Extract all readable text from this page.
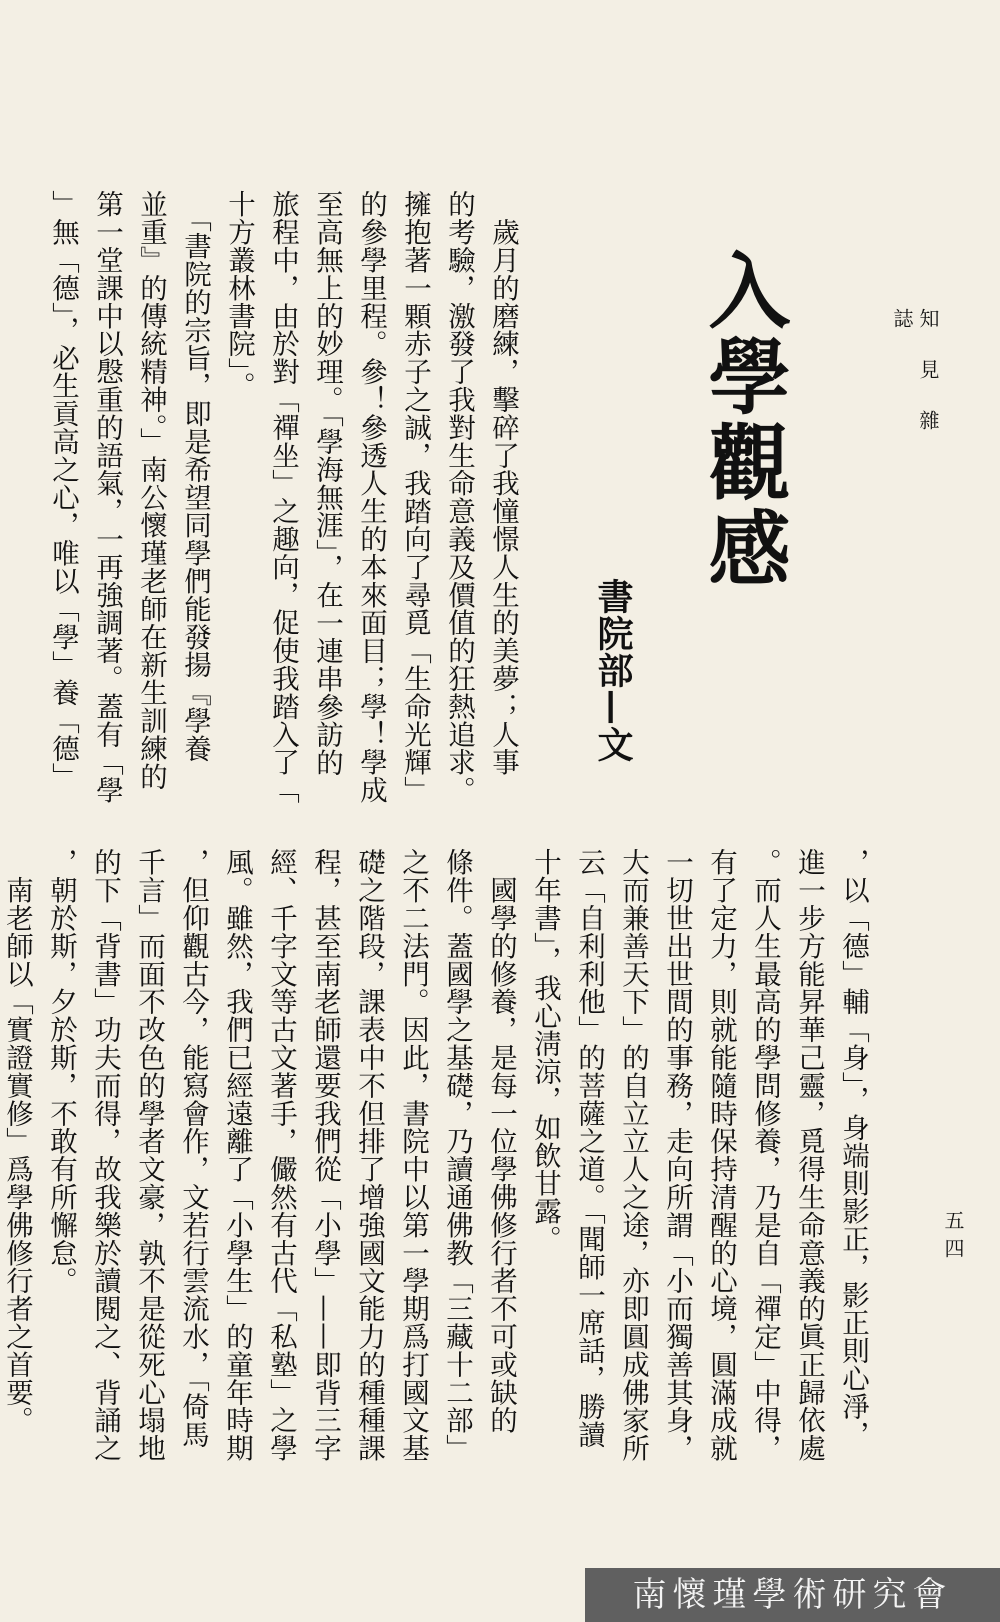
知見雜誌
入學觀感
書院部—文
　歲月的磨練，擊碎了我憧憬人生的美夢；人事
的考驗，激發了我對生命意義及價值的狂熱追求。
擁抱著一顆赤子之誠，我踏向了尋覓「生命光輝」
的參學里程。參！參透人生的本來面目；學！學成
至高無上的妙理。「學海無涯」，在一連串參訪的
旅程中，由於對「禪坐」之趣向，促使我踏入了「
十方叢林書院」。
　「書院的宗旨，即是希望同學們能發揚『學養
並重』的傳統精神。」南公懷瑾老師在新生訓練的
第一堂課中以慇重的語氣，一再強調著。蓋有「學
」無「德」，必生貢高之心，唯以「學」養「德」
，以「德」輔「身」，身端則影正，影正則心淨，
進一步方能昇華己靈，覓得生命意義的眞正歸依處
。而人生最高的學問修養，乃是自「禪定」中得，
有了定力，則就能隨時保持清醒的心境，圓滿成就
一切世出世間的事務，走向所謂「小而獨善其身，
大而兼善天下」的自立立人之途，亦即圓成佛家所
云「自利利他」的菩薩之道。「聞師一席話，勝讀
十年書」，我心淸涼，如飲甘露。
　國學的修養，是每一位學佛修行者不可或缺的
條件。蓋國學之基礎，乃讀通佛教「三藏十二部」
之不二法門。因此，書院中以第一學期爲打國文基
礎之階段，課表中不但排了增強國文能力的種種課
程，甚至南老師還要我們從「小學」——即背三字
經、千字文等古文著手，儼然有古代「私塾」之學
風。雖然，我們已經遠離了「小學生」的童年時期
，但仰觀古今，能寫會作，文若行雲流水，「倚馬
千言」而面不改色的學者文豪，孰不是從死心塌地
的下「背書」功夫而得，故我樂於讀閱之、背誦之
，朝於斯，夕於斯，不敢有所懈怠。
　南老師以「實證實修」爲學佛修行者之首要。	五四
南懷瑾學術研究會
